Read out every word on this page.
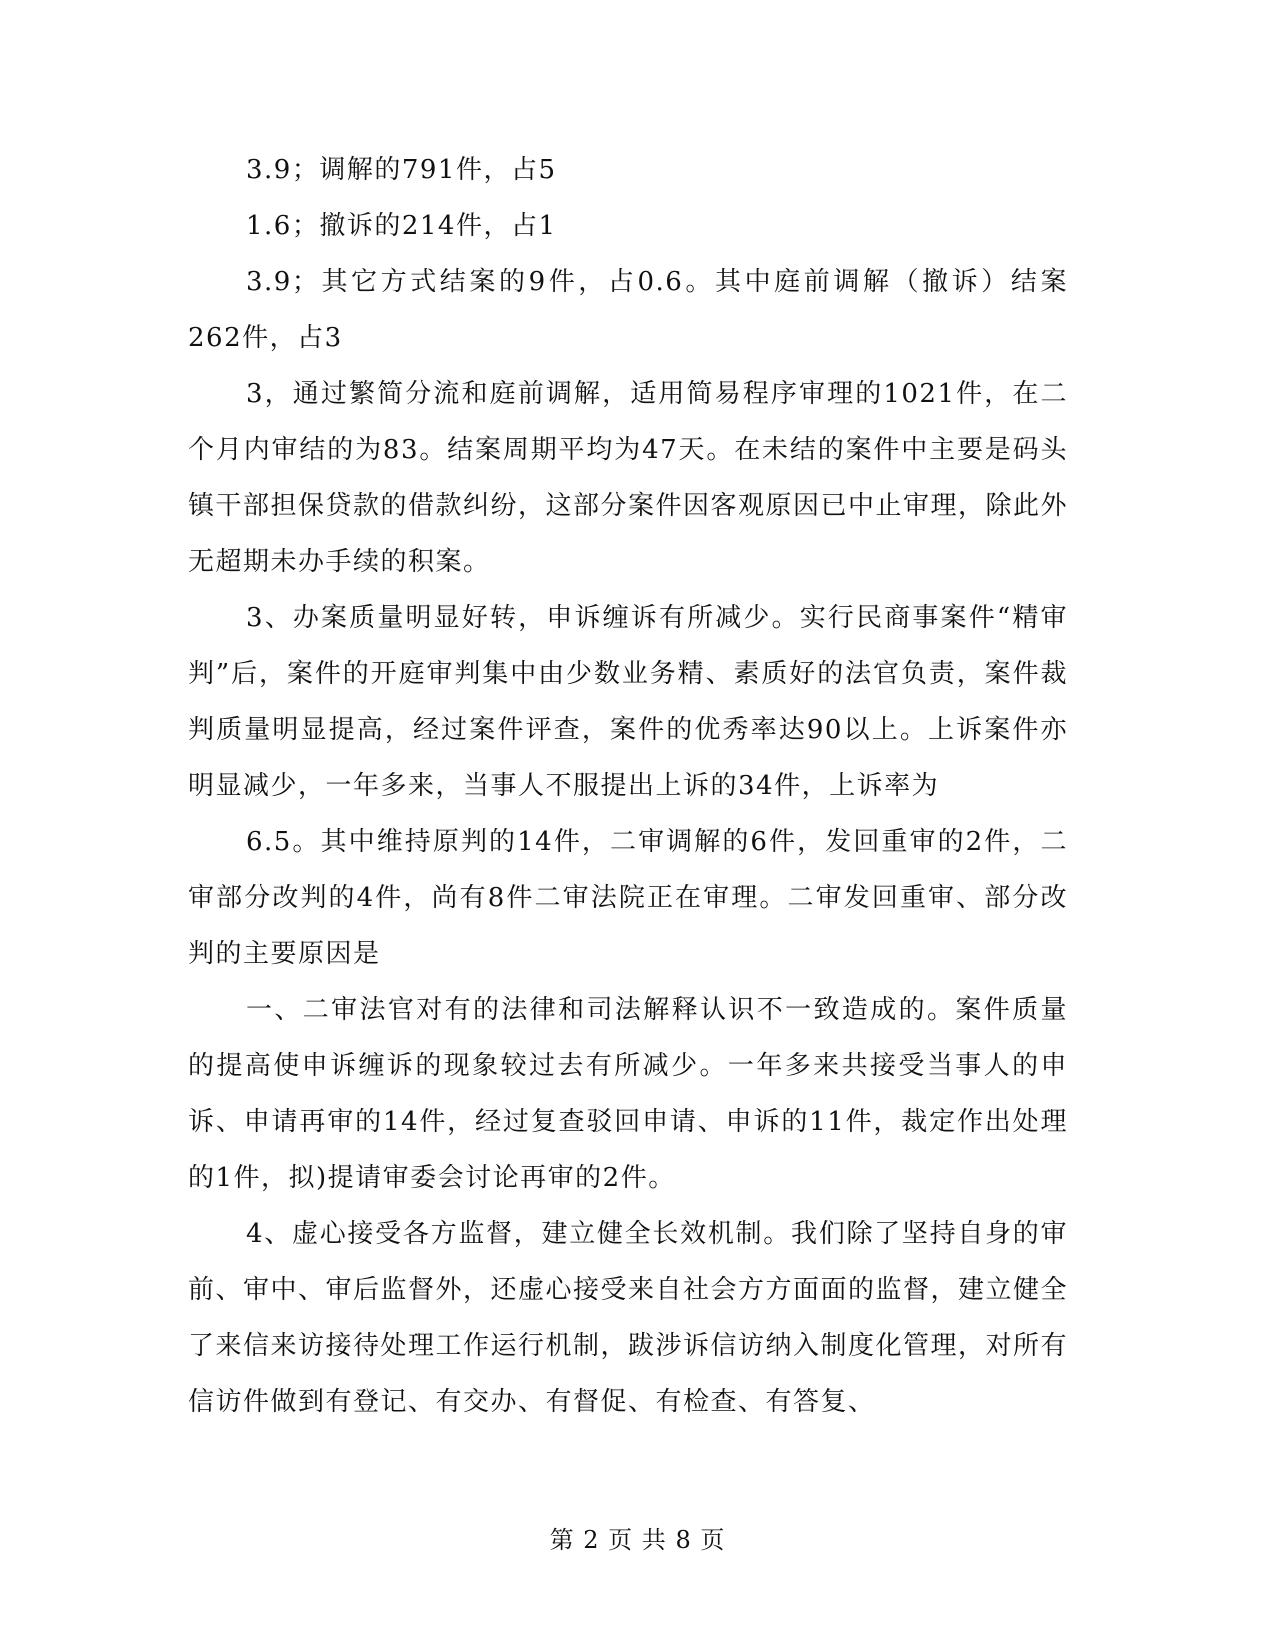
3.9；调解的791件，占5

1.6；撤诉的214件，占1

3.9；其它方式结案的9件，占0.6。其中庭前调解（撤诉）结案262件，占3

3，通过繁简分流和庭前调解，适用简易程序审理的1021件，在二个月内审结的为83。结案周期平均为47天。在未结的案件中主要是码头镇干部担保贷款的借款纠纷，这部分案件因客观原因已中止审理，除此外无超期未办手续的积案。

3、办案质量明显好转，申诉缠诉有所减少。实行民商事案件“精审判”后，案件的开庭审判集中由少数业务精、素质好的法官负责，案件裁判质量明显提高，经过案件评查，案件的优秀率达90以上。上诉案件亦明显减少，一年多来，当事人不服提出上诉的34件，上诉率为

6.5。其中维持原判的14件，二审调解的6件，发回重审的2件，二审部分改判的4件，尚有8件二审法院正在审理。二审发回重审、部分改判的主要原因是

一、二审法官对有的法律和司法解释认识不一致造成的。案件质量的提高使申诉缠诉的现象较过去有所减少。一年多来共接受当事人的申诉、申请再审的14件，经过复查驳回申请、申诉的11件，裁定作出处理的1件，拟)提请审委会讨论再审的2件。

4、虚心接受各方监督，建立健全长效机制。我们除了坚持自身的审前、审中、审后监督外，还虚心接受来自社会方方面面的监督，建立健全了来信来访接待处理工作运行机制，跋涉诉信访纳入制度化管理，对所有信访件做到有登记、有交办、有督促、有检查、有答复、

第 2 页 共 8 页
